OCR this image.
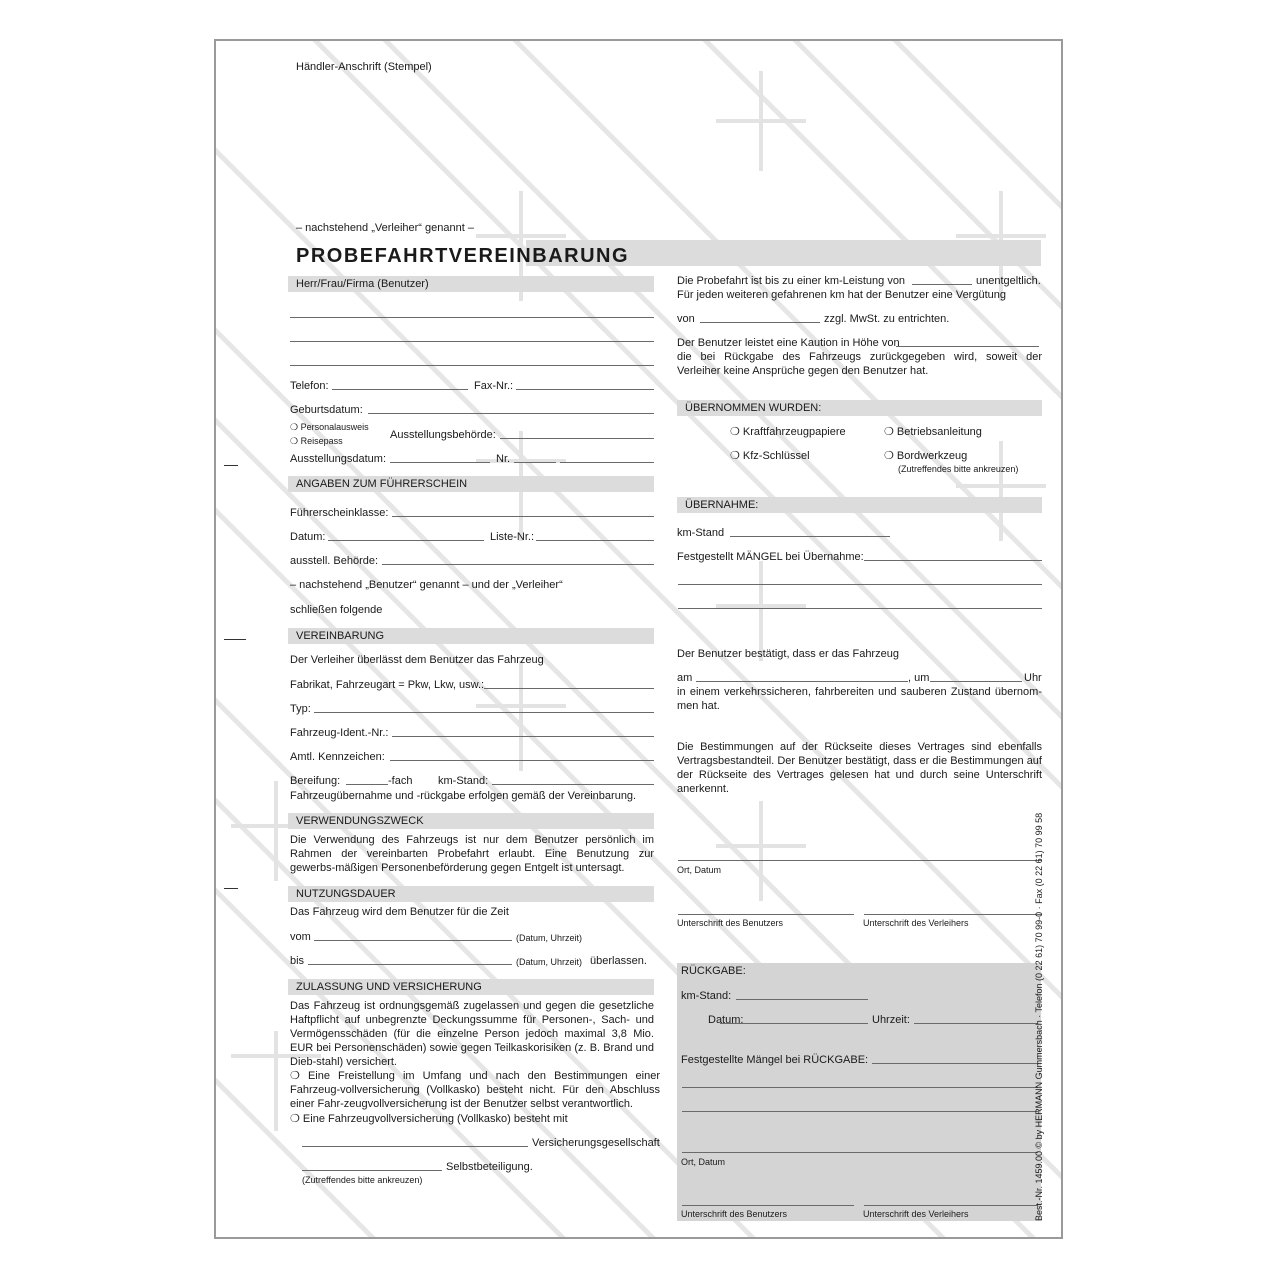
Händler-Anschrift (Stempel)
– nachstehend „Verleiher“ genannt –
PROBEFAHRTVEREINBARUNG
Herr/Frau/Firma (Benutzer)
Telefon:	Fax-Nr.:
Geburtsdatum:
❍ Personalausweis
❍ Reisepass	Ausstellungsbehörde:
Ausstellungsdatum:	Nr.
ANGABEN ZUM FÜHRERSCHEIN
Führerscheinklasse:
Datum:	Liste-Nr.:
ausstell. Behörde:
– nachstehend „Benutzer“ genannt – und der „Verleiher“
schließen folgende
VEREINBARUNG
Der Verleiher überlässt dem Benutzer das Fahrzeug
Fabrikat, Fahrzeugart = Pkw, Lkw, usw.:
Typ:
Fahrzeug-Ident.-Nr.:
Amtl. Kennzeichen:
Bereifung:	-fach km-Stand:
Fahrzeugübernahme und -rückgabe erfolgen gemäß der Vereinbarung.
VERWENDUNGSZWECK
Die Verwendung des Fahrzeugs ist nur dem Benutzer persönlich im Rahmen der vereinbarten Probefahrt erlaubt. Eine Benutzung zur gewerbs-mäßigen Personenbeförderung gegen Entgelt ist untersagt.
NUTZUNGSDAUER
Das Fahrzeug wird dem Benutzer für die Zeit
vom	(Datum, Uhrzeit)
bis	(Datum, Uhrzeit) überlassen.
ZULASSUNG UND VERSICHERUNG
Das Fahrzeug ist ordnungsgemäß zugelassen und gegen die gesetzliche Haftpflicht auf unbegrenzte Deckungssumme für Personen-, Sach- und Vermögensschäden (für die einzelne Person jedoch maximal 3,8 Mio. EUR bei Personenschäden) sowie gegen Teilkaskorisiken (z. B. Brand und Dieb-stahl) versichert.
❍ Eine Freistellung im Umfang und nach den Bestimmungen einer Fahrzeug-vollversicherung (Vollkasko) besteht nicht. Für den Abschluss einer Fahr-zeugvollversicherung ist der Benutzer selbst verantwortlich.
❍ Eine Fahrzeugvollversicherung (Vollkasko) besteht mit
Versicherungsgesellschaft
Selbstbeteiligung.
(Zutreffendes bitte ankreuzen)
Die Probefahrt ist bis zu einer km-Leistung von	unentgeltlich.
Für jeden weiteren gefahrenen km hat der Benutzer eine Vergütung
von	zzgl. MwSt. zu entrichten.
Der Benutzer leistet eine Kaution in Höhe von
die bei Rückgabe des Fahrzeugs zurückgegeben wird, soweit der Verleiher keine Ansprüche gegen den Benutzer hat.
ÜBERNOMMEN WURDEN:
❍ Kraftfahrzeugpapiere	❍ Betriebsanleitung
❍ Kfz-Schlüssel	❍ Bordwerkzeug
(Zutreffendes bitte ankreuzen)
ÜBERNAHME:
km-Stand
Festgestellt MÄNGEL bei Übernahme:
Der Benutzer bestätigt, dass er das Fahrzeug
am	, um	Uhr
in einem verkehrssicheren, fahrbereiten und sauberen Zustand übernom-men hat.
Die Bestimmungen auf der Rückseite dieses Vertrages sind ebenfalls Vertragsbestandteil. Der Benutzer bestätigt, dass er die Bestimmungen auf der Rückseite des Vertrages gelesen hat und durch seine Unterschrift anerkennt.
Ort, Datum
Unterschrift des Benutzers	Unterschrift des Verleihers
RÜCKGABE:
km-Stand:
Datum:	Uhrzeit:
Festgestellte Mängel bei RÜCKGABE:
Ort, Datum
Unterschrift des Benutzers	Unterschrift des Verleihers	Best.-Nr. 1459.00 © by HERMANN Gummersbach · Telefon (0 22 61) 70 99-0 · Fax (0 22 61) 70 99 58
